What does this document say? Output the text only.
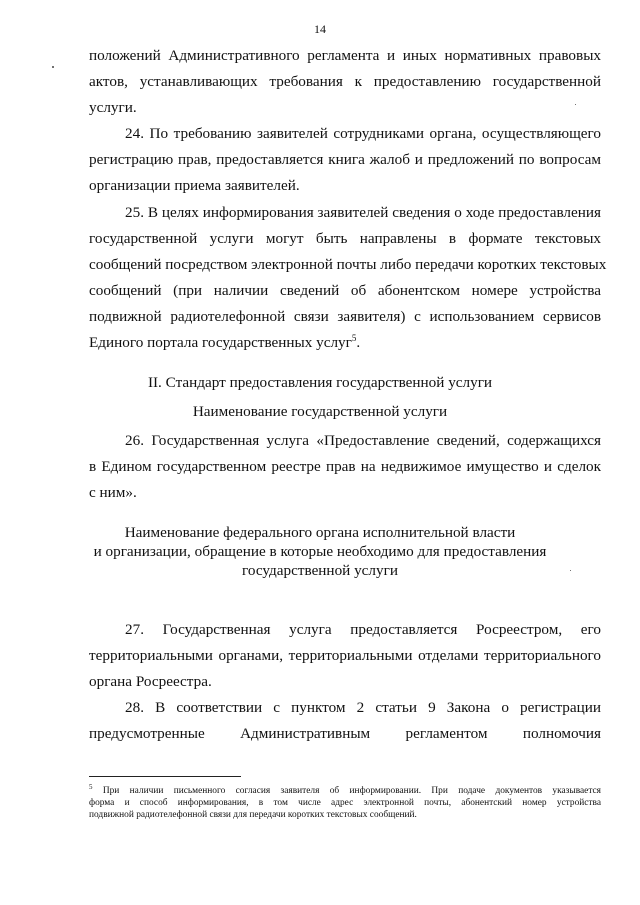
14
положений Административного регламента и иных нормативных правовых
актов, устанавливающих требования к предоставлению государственной
услуги.
24. По требованию заявителей сотрудниками органа, осуществляющего
регистрацию прав, предоставляется книга жалоб и предложений по вопросам
организации приема заявителей.
25. В целях информирования заявителей сведения о ходе предоставления
государственной услуги могут быть направлены в формате текстовых
сообщений посредством электронной почты либо передачи коротких текстовых
сообщений (при наличии сведений об абонентском номере устройства
подвижной радиотелефонной связи заявителя) с использованием сервисов
Единого портала государственных услуг$^5$.
II. Стандарт предоставления государственной услуги
Наименование государственной услуги
26. Государственная услуга «Предоставление сведений, содержащихся
в Едином государственном реестре прав на недвижимое имущество и сделок
с ним».
Наименование федерального органа исполнительной власти
и организации, обращение в которые необходимо для предоставления
государственной услуги
27. Государственная услуга предоставляется Росреестром, его
территориальными органами, территориальными отделами территориального
органа Росреестра.
28. В соответствии с пунктом 2 статьи 9 Закона о регистрации
предусмотренные Административным регламентом полномочия
$^5$ При наличии письменного согласия заявителя об информировании. При подаче документов указывается
форма и способ информирования, в том числе адрес электронной почты, абонентский номер устройства
подвижной радиотелефонной связи для передачи коротких текстовых сообщений.
